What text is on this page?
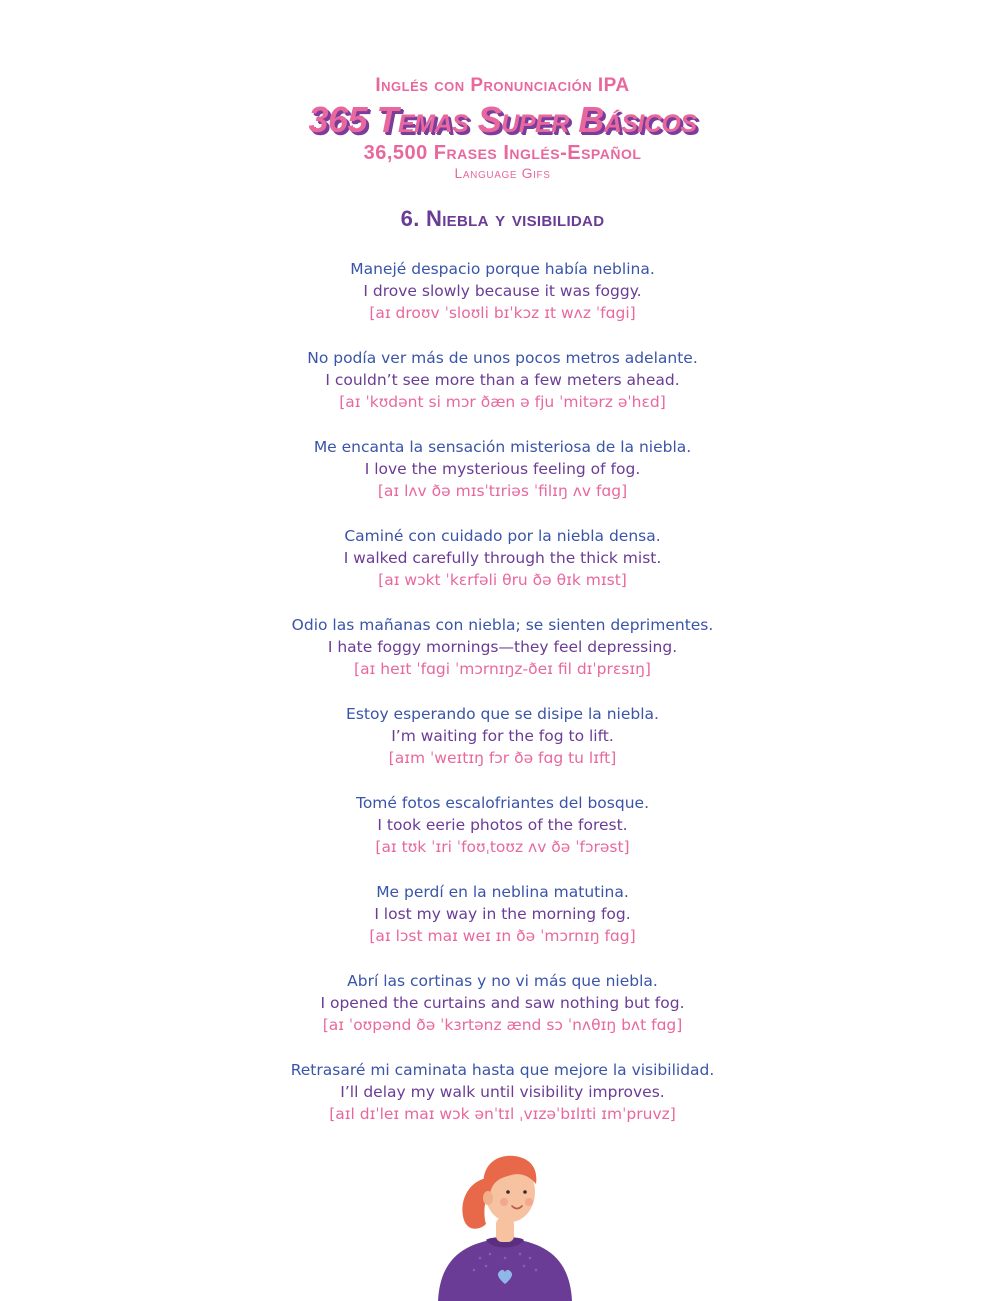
Inglés con Pronunciación IPA
365 Temas Super Básicos
36,500 Frases Inglés-Español
Language Gifs
6. Niebla y visibilidad
Manejé despacio porque había neblina.
I drove slowly because it was foggy.
[aɪ droʊv ˈsloʊli bɪˈkɔz ɪt wʌz ˈfɑgi]
No podía ver más de unos pocos metros adelante.
I couldn’t see more than a few meters ahead.
[aɪ ˈkʊdənt si mɔr ðæn ə fju ˈmitərz əˈhɛd]
Me encanta la sensación misteriosa de la niebla.
I love the mysterious feeling of fog.
[aɪ lʌv ðə mɪsˈtɪriəs ˈfilɪŋ ʌv fɑg]
Caminé con cuidado por la niebla densa.
I walked carefully through the thick mist.
[aɪ wɔkt ˈkɛrfəli θru ðə θɪk mɪst]
Odio las mañanas con niebla; se sienten deprimentes.
I hate foggy mornings—they feel depressing.
[aɪ heɪt ˈfɑgi ˈmɔrnɪŋz-ðeɪ fil dɪˈprɛsɪŋ]
Estoy esperando que se disipe la niebla.
I’m waiting for the fog to lift.
[aɪm ˈweɪtɪŋ fɔr ðə fɑg tu lɪft]
Tomé fotos escalofriantes del bosque.
I took eerie photos of the forest.
[aɪ tʊk ˈɪri ˈfoʊˌtoʊz ʌv ðə ˈfɔrəst]
Me perdí en la neblina matutina.
I lost my way in the morning fog.
[aɪ lɔst maɪ weɪ ɪn ðə ˈmɔrnɪŋ fɑg]
Abrí las cortinas y no vi más que niebla.
I opened the curtains and saw nothing but fog.
[aɪ ˈoʊpənd ðə ˈkɜrtənz ænd sɔ ˈnʌθɪŋ bʌt fɑg]
Retrasaré mi caminata hasta que mejore la visibilidad.
I’ll delay my walk until visibility improves.
[aɪl dɪˈleɪ maɪ wɔk ənˈtɪl ˌvɪzəˈbɪlɪti ɪmˈpruvz]
